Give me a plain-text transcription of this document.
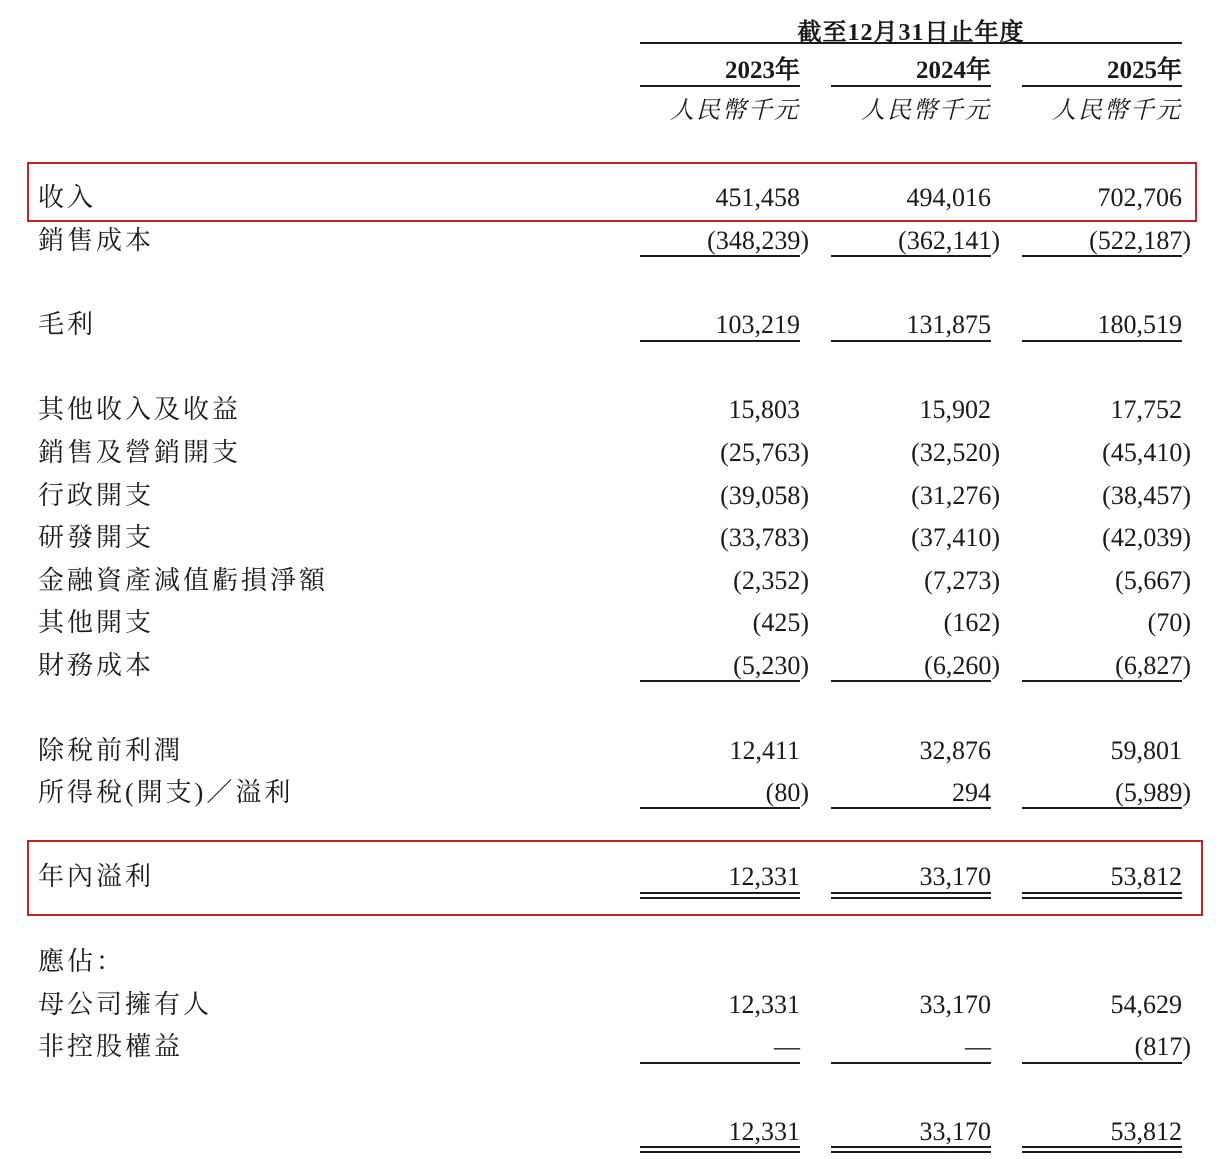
截至12月31日止年度
2023年	2024年	2025年
人民幣千元	人民幣千元	人民幣千元
收入	451,458	494,016	702,706
銷售成本	(348,239)	(362,141)	(522,187)
毛利	103,219	131,875	180,519
其他收入及收益	15,803	15,902	17,752
銷售及營銷開支	(25,763)	(32,520)	(45,410)
行政開支	(39,058)	(31,276)	(38,457)
研發開支	(33,783)	(37,410)	(42,039)
金融資產減值虧損淨額	(2,352)	(7,273)	(5,667)
其他開支	(425)	(162)	(70)
財務成本	(5,230)	(6,260)	(6,827)
除稅前利潤	12,411	32,876	59,801
所得稅(開支)／溢利	(80)	294	(5,989)
年內溢利	12,331	33,170	53,812
應佔：
母公司擁有人	12,331	33,170	54,629
非控股權益	—	—	(817)
12,331	33,170	53,812
